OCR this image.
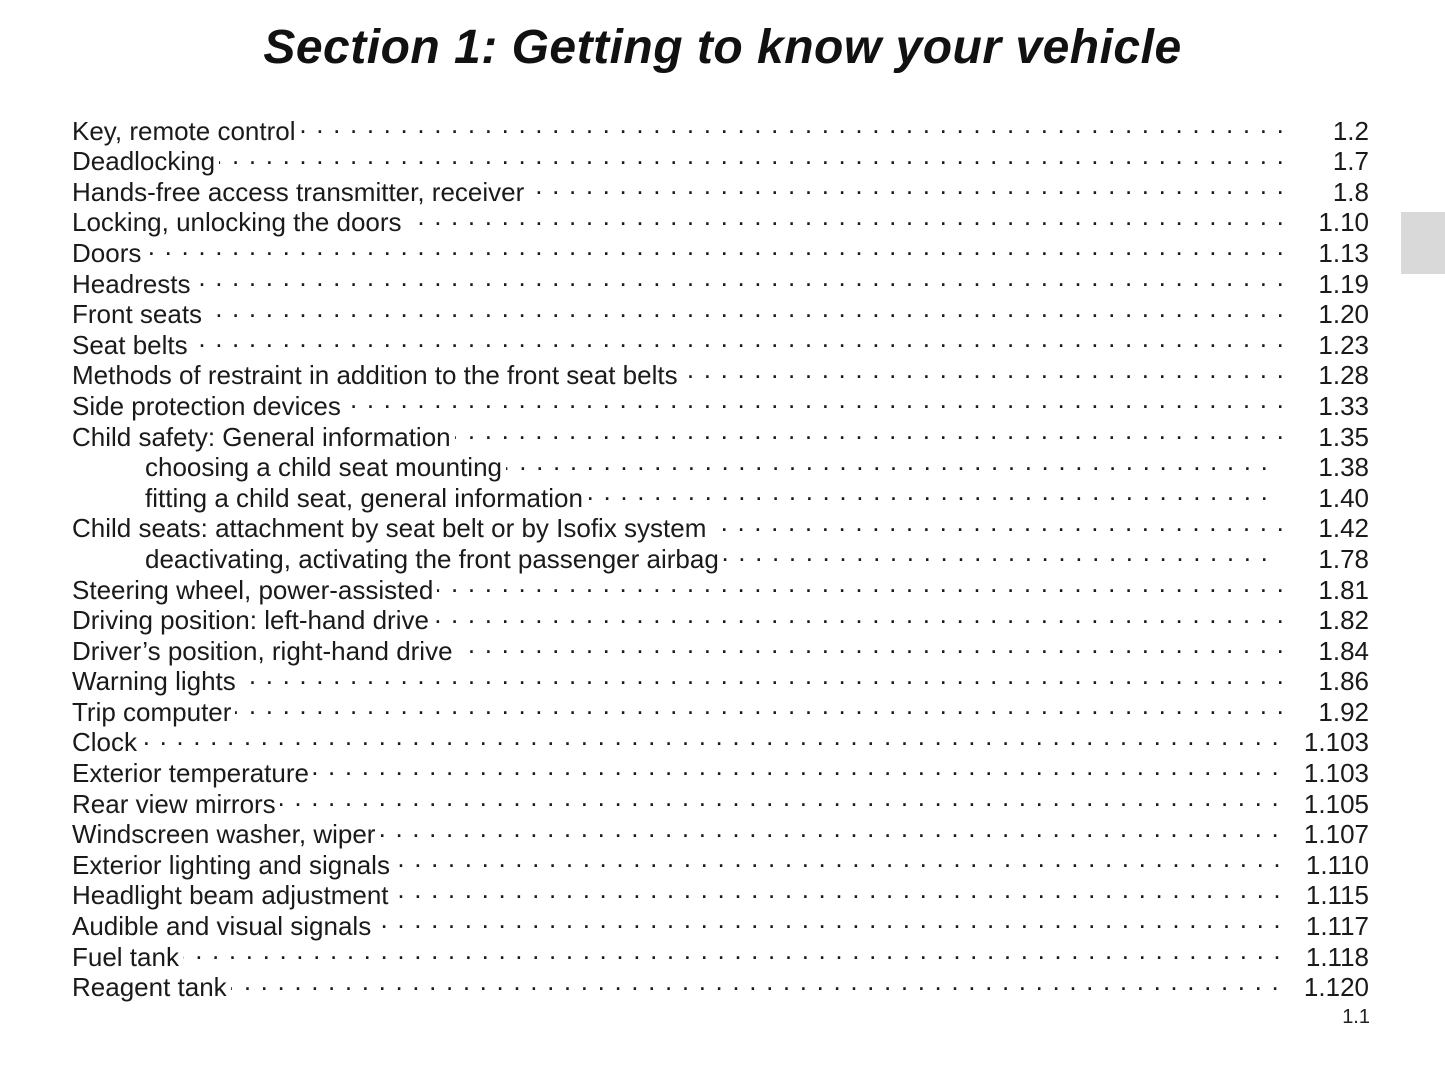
Section 1: Getting to know your vehicle
Key, remote control . . .	1.2
Deadlocking . . .	1.7
Hands-free access transmitter, receiver . . .	1.8
Locking, unlocking the doors . . .	1.10
Doors . . .	1.13
Headrests . . .	1.19
Front seats . . .	1.20
Seat belts . . .	1.23
Methods of restraint in addition to the front seat belts . . .	1.28
Side protection devices . . .	1.33
Child safety: General information . . .	1.35
choosing a child seat mounting . . .	1.38
fitting a child seat, general information . . .	1.40
Child seats: attachment by seat belt or by Isofix system . . .	1.42
deactivating, activating the front passenger airbag . . .	1.78
Steering wheel, power-assisted . . .	1.81
Driving position: left-hand drive . . .	1.82
Driver’s position, right-hand drive . . .	1.84
Warning lights . . .	1.86
Trip computer . . .	1.92
Clock . . .	1.103
Exterior temperature . . .	1.103
Rear view mirrors . . .	1.105
Windscreen washer, wiper . . .	1.107
Exterior lighting and signals . . .	1.110
Headlight beam adjustment . . .	1.115
Audible and visual signals . . .	1.117
Fuel tank . . .	1.118
Reagent tank . . .	1.120
1.1
